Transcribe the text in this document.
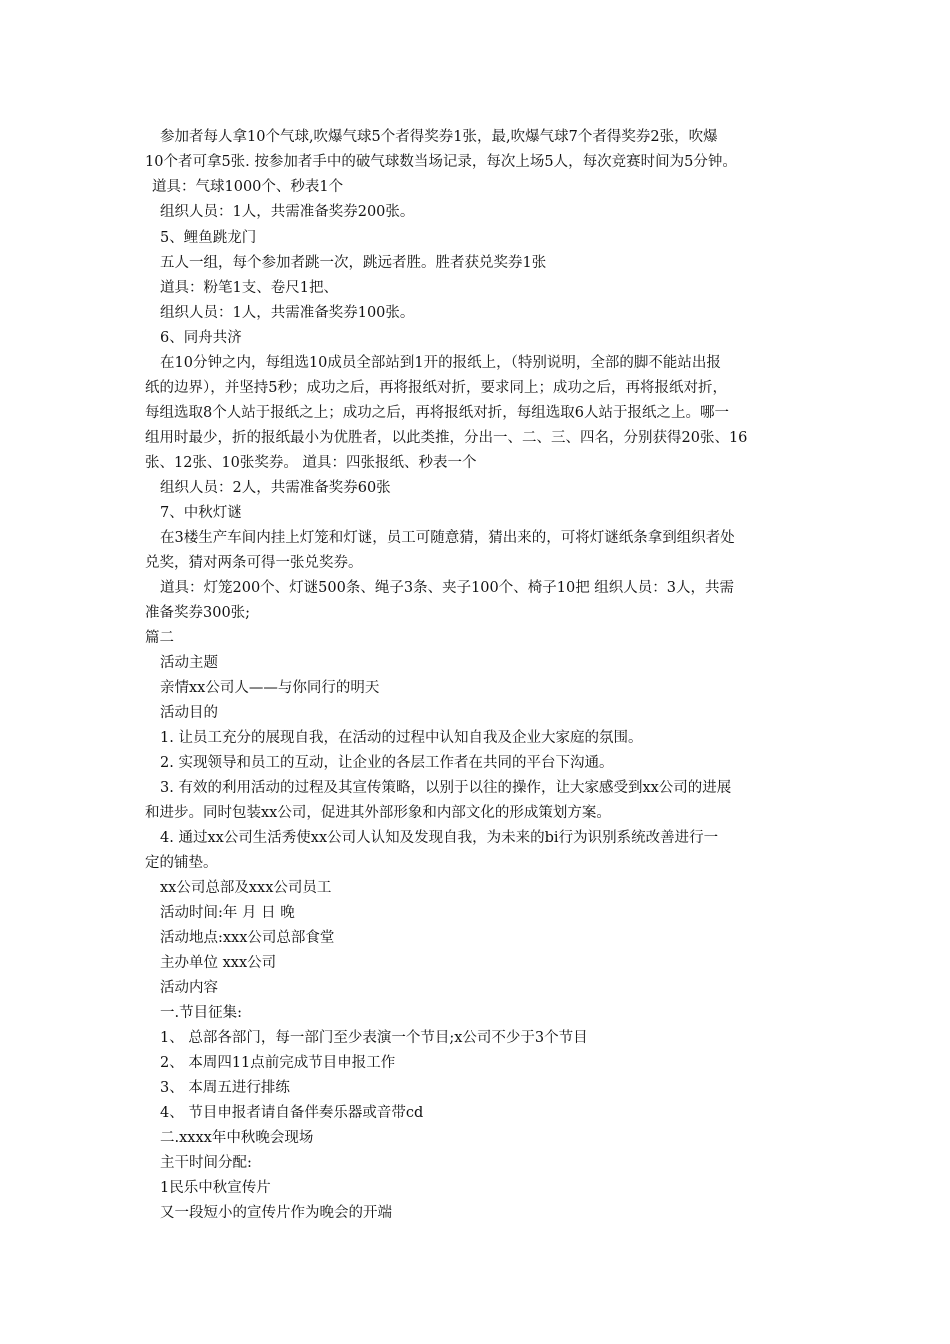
参加者每人拿10个气球,吹爆气球5个者得奖券1张，最,吹爆气球7个者得奖券2张，吹爆
10个者可拿5张. 按参加者手中的破气球数当场记录，每次上场5人，每次竞赛时间为5分钟。
道具：气球1000个、秒表1个
组织人员：1人，共需准备奖券200张。
5、鲤鱼跳龙门
五人一组，每个参加者跳一次，跳远者胜。胜者获兑奖券1张
道具：粉笔1支、卷尺1把、
组织人员：1人，共需准备奖券100张。
6、同舟共济
在10分钟之内，每组选10成员全部站到1开的报纸上，（特别说明，全部的脚不能站出报
纸的边界），并坚持5秒；成功之后，再将报纸对折，要求同上；成功之后，再将报纸对折，
每组选取8个人站于报纸之上；成功之后，再将报纸对折，每组选取6人站于报纸之上。哪一
组用时最少，折的报纸最小为优胜者，以此类推，分出一、二、三、四名，分别获得20张、16
张、12张、10张奖券。 道具：四张报纸、秒表一个
组织人员：2人，共需准备奖券60张
7、中秋灯谜
在3楼生产车间内挂上灯笼和灯谜，员工可随意猜，猜出来的，可将灯谜纸条拿到组织者处
兑奖，猜对两条可得一张兑奖券。
道具：灯笼200个、灯谜500条、绳子3条、夹子100个、椅子10把 组织人员：3人，共需
准备奖券300张;
篇二
活动主题
亲情xx公司人——与你同行的明天
活动目的
1. 让员工充分的展现自我，在活动的过程中认知自我及企业大家庭的氛围。
2. 实现领导和员工的互动，让企业的各层工作者在共同的平台下沟通。
3. 有效的利用活动的过程及其宣传策略，以别于以往的操作，让大家感受到xx公司的进展
和进步。同时包装xx公司，促进其外部形象和内部文化的形成策划方案。
4. 通过xx公司生活秀使xx公司人认知及发现自我，为未来的bi行为识别系统改善进行一
定的铺垫。
xx公司总部及xxx公司员工
活动时间:年 月 日 晚
活动地点:xxx公司总部食堂
主办单位 xxx公司
活动内容
一.节目征集:
1、 总部各部门，每一部门至少表演一个节目;x公司不少于3个节目
2、 本周四11点前完成节目申报工作
3、 本周五进行排练
4、 节目申报者请自备伴奏乐器或音带cd
二.xxxx年中秋晚会现场
主干时间分配:
1民乐中秋宣传片
又一段短小的宣传片作为晚会的开端
